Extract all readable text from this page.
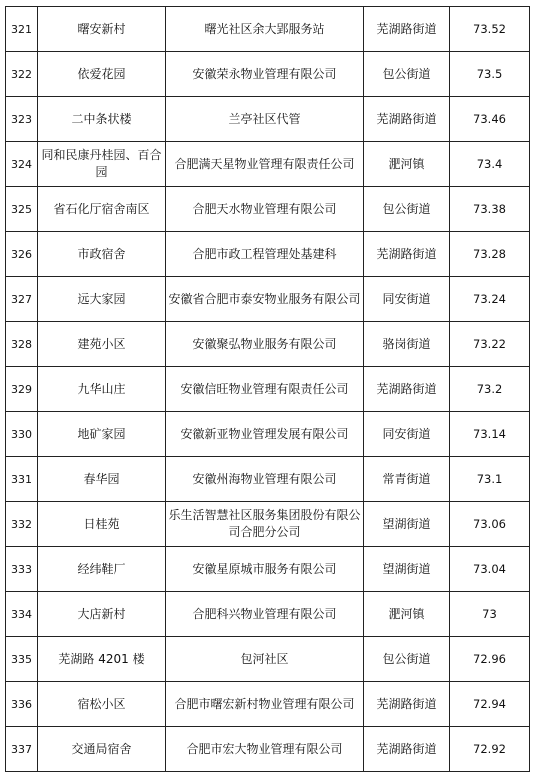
321	曙安新村	曙光社区余大郢服务站	芜湖路街道	73.52
322	依爱花园	安徽荣永物业管理有限公司	包公街道	73.5
323	二中条状楼	兰亭社区代管	芜湖路街道	73.46
324	同和民康丹桂园、百合园	合肥满天星物业管理有限责任公司	淝河镇	73.4
325	省石化厅宿舍南区	合肥天水物业管理有限公司	包公街道	73.38
326	市政宿舍	合肥市政工程管理处基建科	芜湖路街道	73.28
327	远大家园	安徽省合肥市泰安物业服务有限公司	同安街道	73.24
328	建苑小区	安徽聚弘物业服务有限公司	骆岗街道	73.22
329	九华山庄	安徽信旺物业管理有限责任公司	芜湖路街道	73.2
330	地矿家园	安徽新亚物业管理发展有限公司	同安街道	73.14
331	春华园	安徽州海物业管理有限公司	常青街道	73.1
332	日桂苑	乐生活智慧社区服务集团股份有限公司合肥分公司	望湖街道	73.06
333	经纬鞋厂	安徽星原城市服务有限公司	望湖街道	73.04
334	大店新村	合肥科兴物业管理有限公司	淝河镇	73
335	芜湖路 4201 楼	包河社区	包公街道	72.96
336	宿松小区	合肥市曙宏新村物业管理有限公司	芜湖路街道	72.94
337	交通局宿舍	合肥市宏大物业管理有限公司	芜湖路街道	72.92
